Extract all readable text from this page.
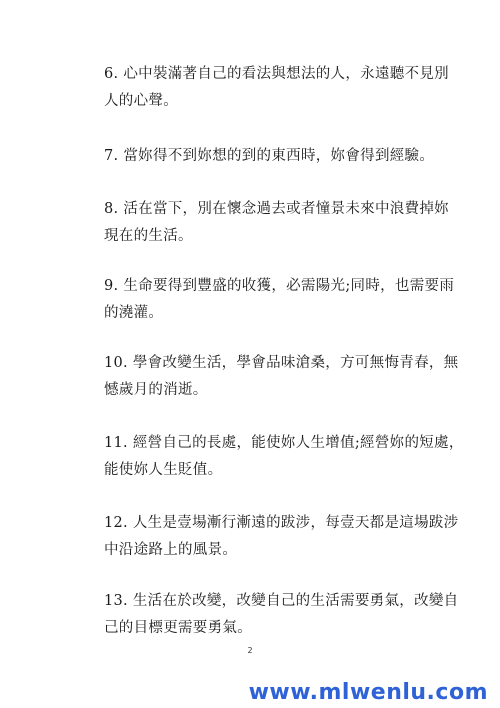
6. 心中裝滿著自己的看法與想法的人，永遠聽不見別
人的心聲。

7. 當妳得不到妳想的到的東西時，妳會得到經驗。

8. 活在當下，別在懷念過去或者憧景未來中浪費掉妳
現在的生活。

9. 生命要得到豐盛的收獲，必需陽光;同時，也需要雨
的澆灌。

10. 學會改變生活，學會品味滄桑，方可無悔青春，無
憾歲月的消逝。

11. 經營自己的長處，能使妳人生增值;經營妳的短處，
能使妳人生貶值。

12. 人生是壹場漸行漸遠的跋涉，每壹天都是這場跋涉
中沿途路上的風景。

13. 生活在於改變，改變自己的生活需要勇氣，改變自
己的目標更需要勇氣。

2
www.mlwenlu.com
